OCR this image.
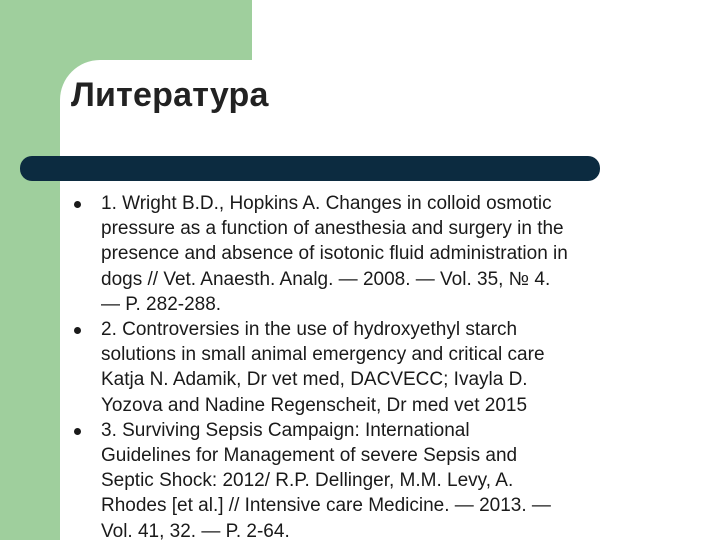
Литература
1. Wright B.D., Hopkins A. Changes in colloid osmotic
pressure as a function of anesthesia and surgery in the
presence and absence of isotonic fluid administration in
dogs // Vet. Anaesth. Analg. — 2008. — Vol. 35, № 4.
— P. 282-288.
2. Controversies in the use of hydroxyethyl starch
solutions in small animal emergency and critical care
Katja N. Adamik, Dr vet med, DACVECC; Ivayla D.
Yozova and Nadine Regenscheit, Dr med vet 2015
3. Surviving Sepsis Campaign: International
Guidelines for Management of severe Sepsis and
Septic Shock: 2012/ R.P. Dellinger, M.M. Levy, A.
Rhodes [et al.] // Intensive care Medicine. — 2013. —
Vol. 41, 32. — P. 2-64.
